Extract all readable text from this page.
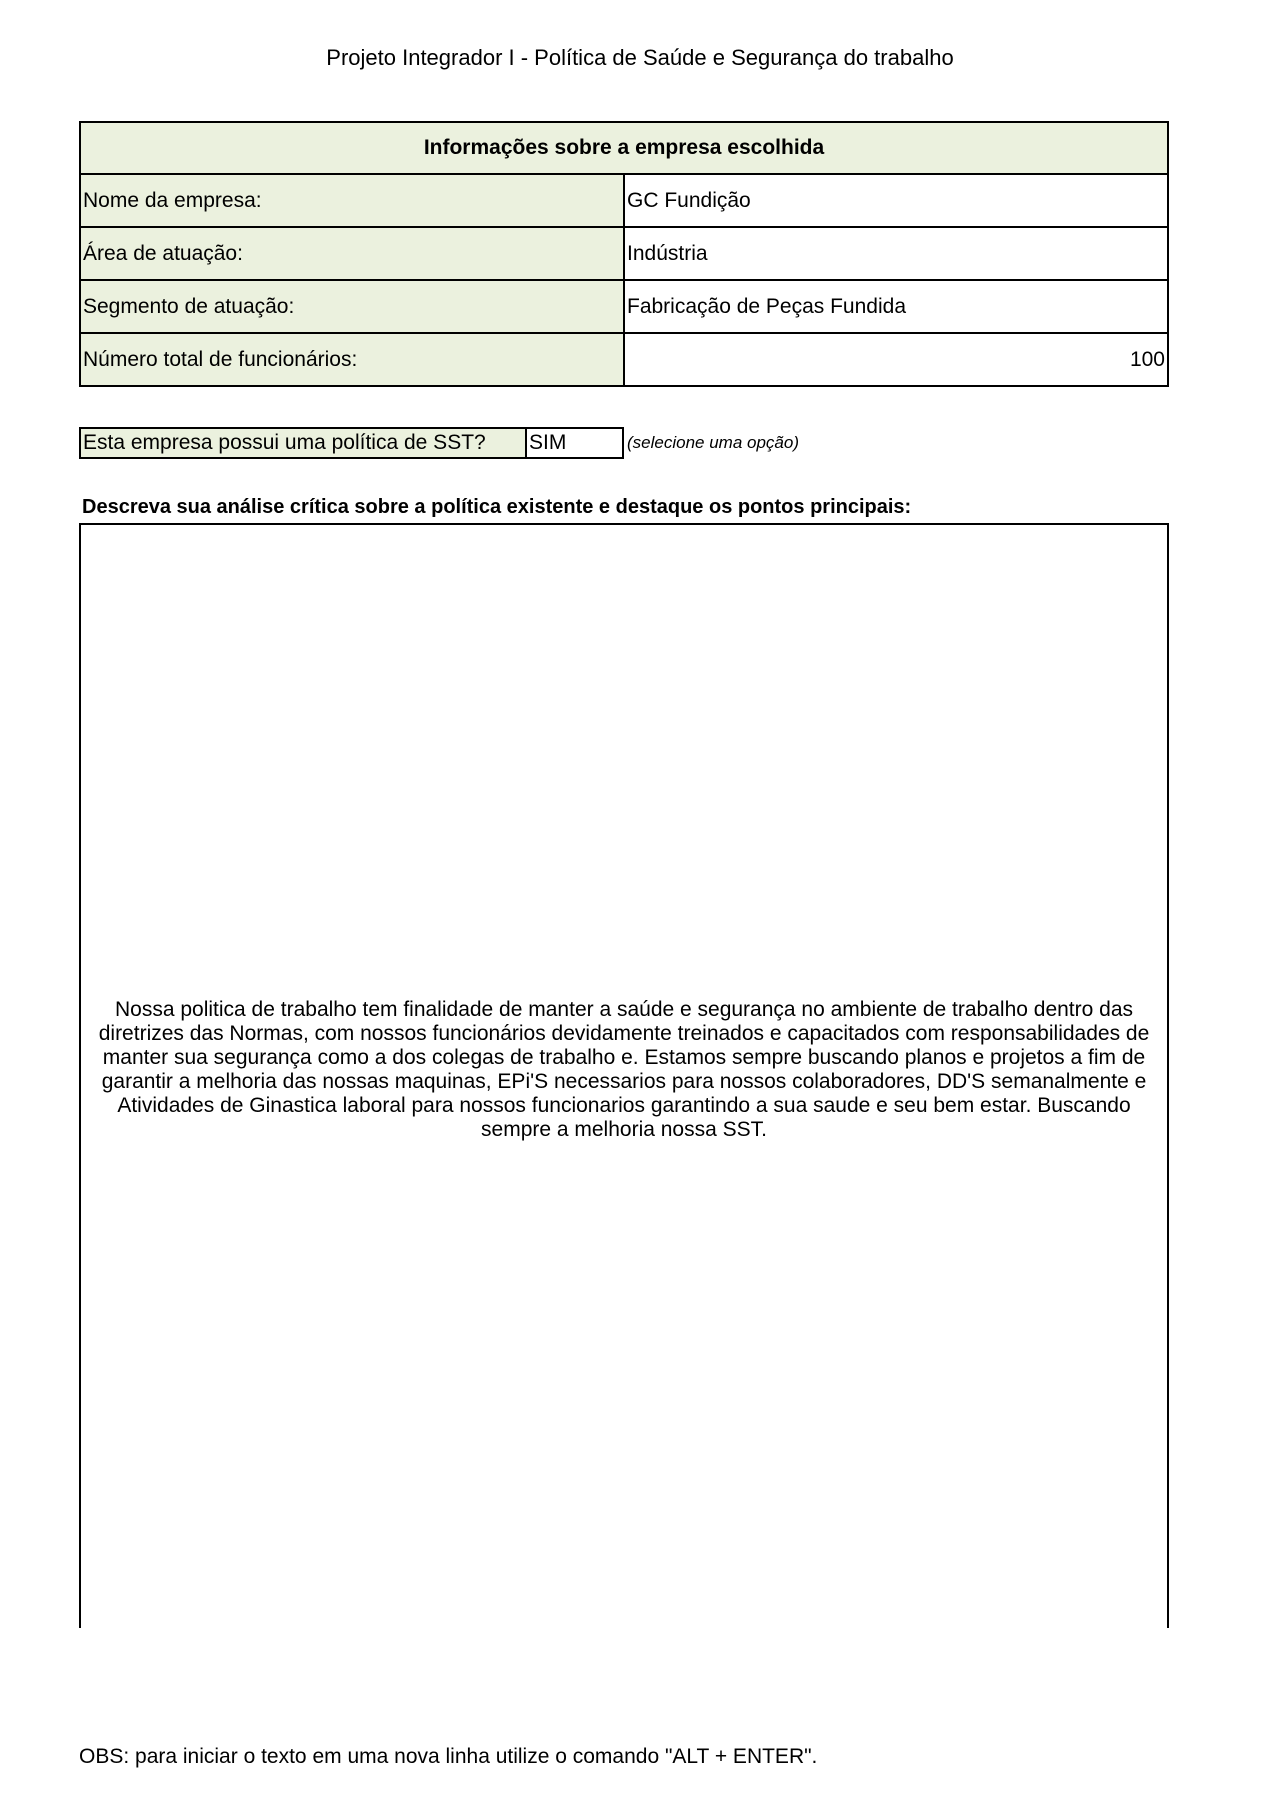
Projeto Integrador I - Política de Saúde e Segurança do trabalho
Informações sobre a empresa escolhida	
Nome da empresa:	GC Fundição
Área de atuação:	Indústria
Segmento de atuação:	Fabricação de Peças Fundida
Número total de funcionários:	100
Esta empresa possui uma política de SST?	SIM	(selecione uma opção)
Descreva sua análise crítica sobre a política existente e destaque os pontos principais:
Nossa politica de trabalho tem finalidade de manter a saúde e segurança no ambiente de trabalho dentro das diretrizes das Normas, com nossos funcionários devidamente treinados e capacitados com responsabilidades de manter sua segurança como a dos colegas de trabalho e. Estamos sempre buscando planos e projetos a fim de garantir a melhoria das nossas maquinas, EPi'S necessarios para nossos colaboradores, DD'S semanalmente e Atividades de Ginastica laboral para nossos funcionarios garantindo a sua saude e seu bem estar. Buscando sempre a melhoria nossa SST.
OBS: para iniciar o texto em uma nova linha utilize o comando "ALT + ENTER".
